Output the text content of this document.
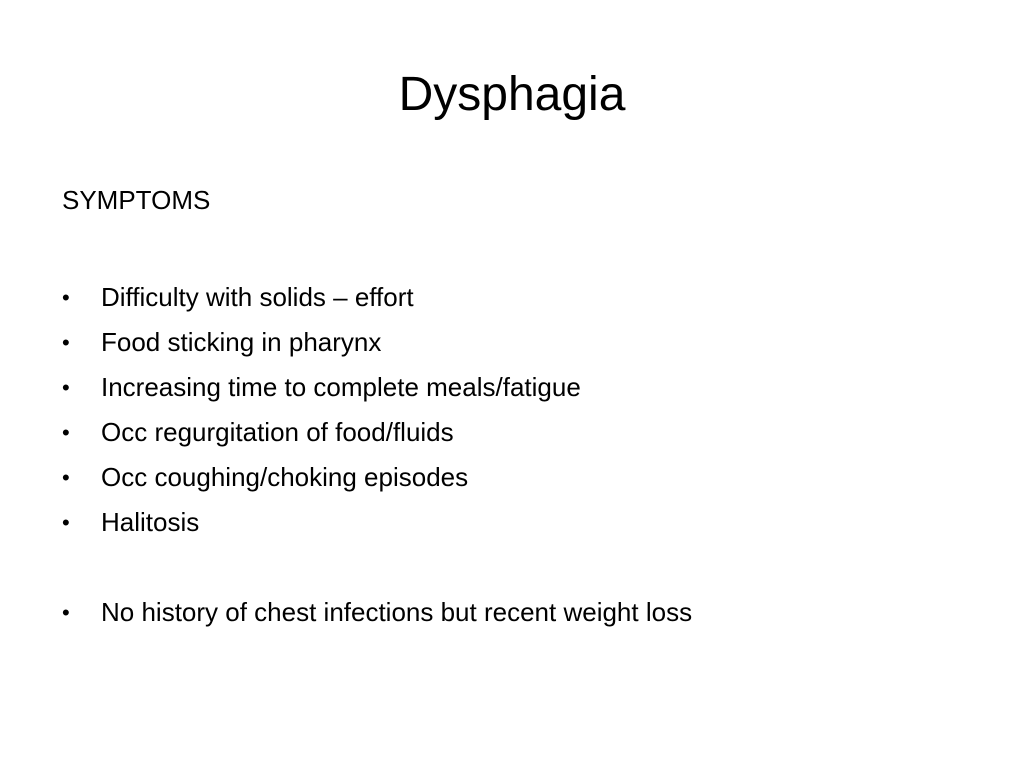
Dysphagia
SYMPTOMS
• Difficulty with solids – effort
• Food sticking in pharynx
• Increasing time to complete meals/fatigue
• Occ regurgitation of food/fluids
• Occ coughing/choking episodes
• Halitosis
• No history of chest infections but recent weight loss
